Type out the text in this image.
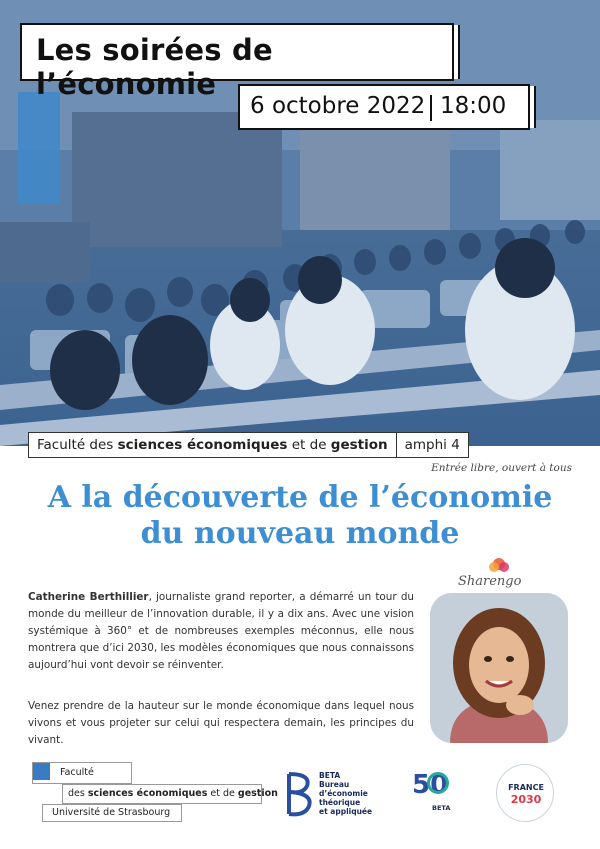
Les soirées de l’économie
6 octobre 2022 18:00
Faculté des sciences économiques et de gestion	amphi 4
Entrée libre, ouvert à tous
A la découverte de l’économie
du nouveau monde
Catherine Berthillier, journaliste grand reporter, a démarré un tour du monde du meilleur de l’innovation durable, il y a dix ans. Avec une vision systémique à 360° et de nombreuses exemples méconnus, elle nous montrera que d’ici 2030, les modèles économiques que nous connaissons aujourd’hui vont devoir se réinventer.
Venez prendre de la hauteur sur le monde économique dans lequel nous vivons et vous projeter sur celui qui respectera demain, les principes du vivant.
Sharengo
Faculté
des sciences économiques et de gestion
Université de Strasbourg
BETA
Bureau
d’économie
théorique
et appliquée
50
BETA
FRANCE
2030
